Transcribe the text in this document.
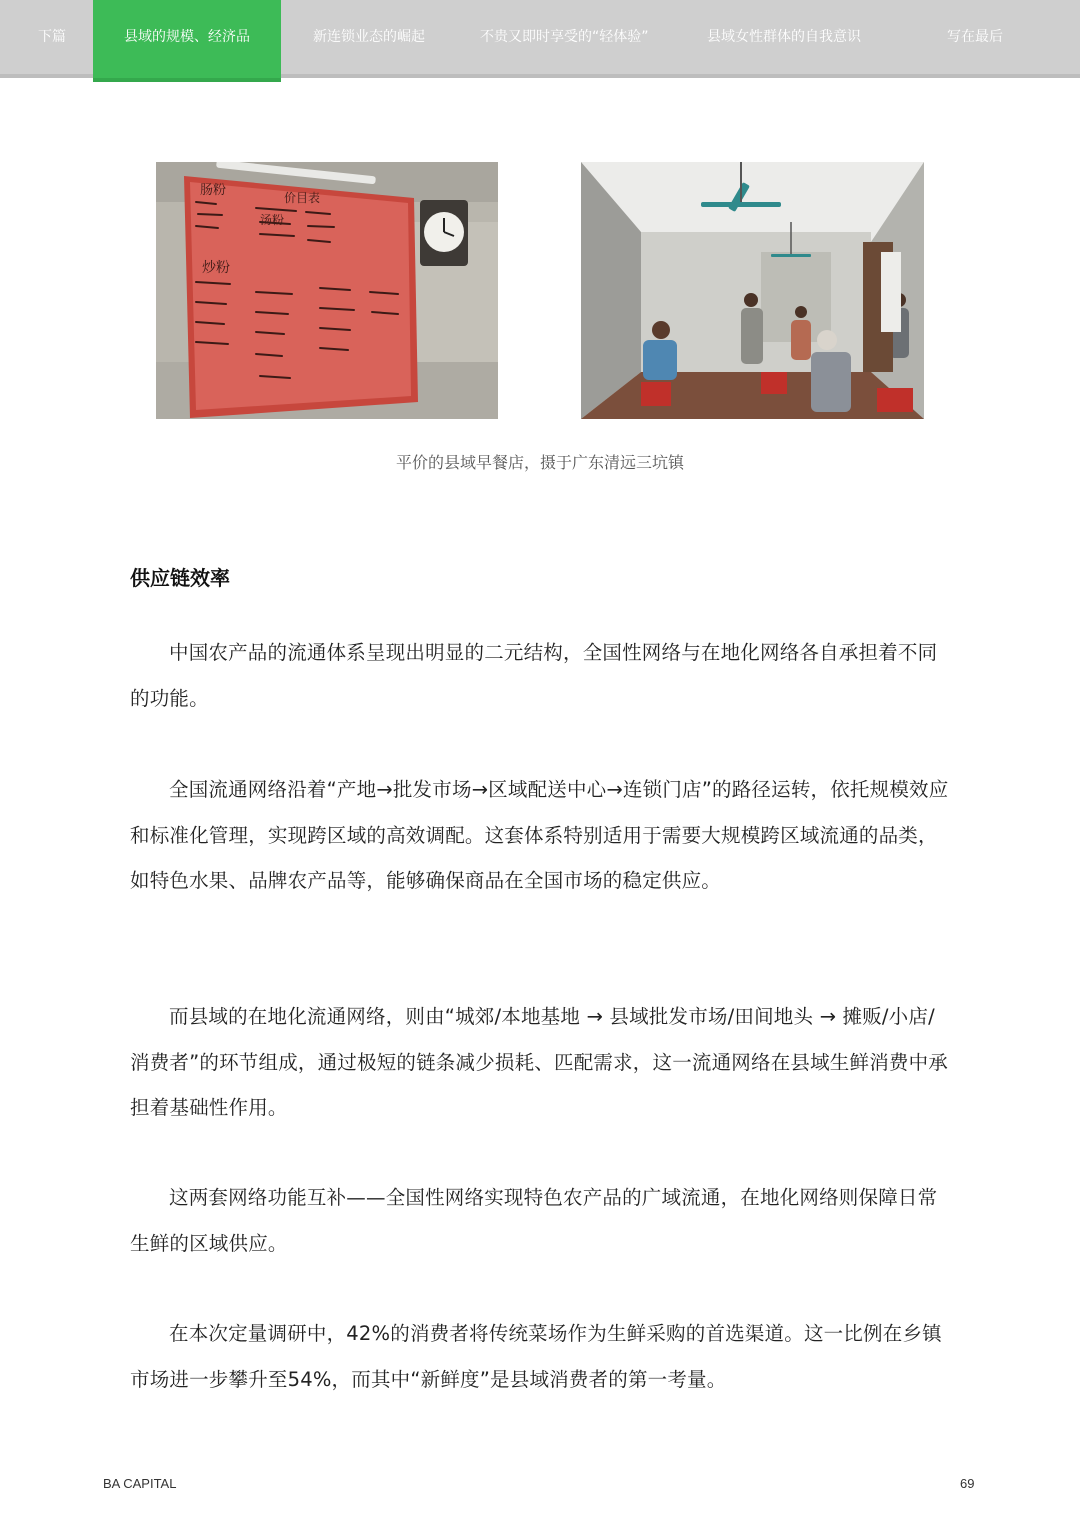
下篇	县域的规模、经济品	新连锁业态的崛起	不贵又即时享受的“轻体验”	县域女性群体的自我意识	写在最后
肠粉	价目表
汤粉
炒粉
平价的县域早餐店，摄于广东清远三坑镇
供应链效率
中国农产品的流通体系呈现出明显的二元结构，全国性网络与在地化网络各自承担着不同的功能。
全国流通网络沿着“产地→批发市场→区域配送中心→连锁门店”的路径运转，依托规模效应和标准化管理，实现跨区域的高效调配。这套体系特别适用于需要大规模跨区域流通的品类，如特色水果、品牌农产品等，能够确保商品在全国市场的稳定供应。
而县域的在地化流通网络，则由“城郊/本地基地 → 县域批发市场/田间地头 → 摊贩/小店/消费者”的环节组成，通过极短的链条减少损耗、匹配需求，这一流通网络在县域生鲜消费中承担着基础性作用。
这两套网络功能互补——全国性网络实现特色农产品的广域流通，在地化网络则保障日常生鲜的区域供应。
在本次定量调研中，42%的消费者将传统菜场作为生鲜采购的首选渠道。这一比例在乡镇市场进一步攀升至54%，而其中“新鲜度”是县域消费者的第一考量。
BA CAPITAL	69
